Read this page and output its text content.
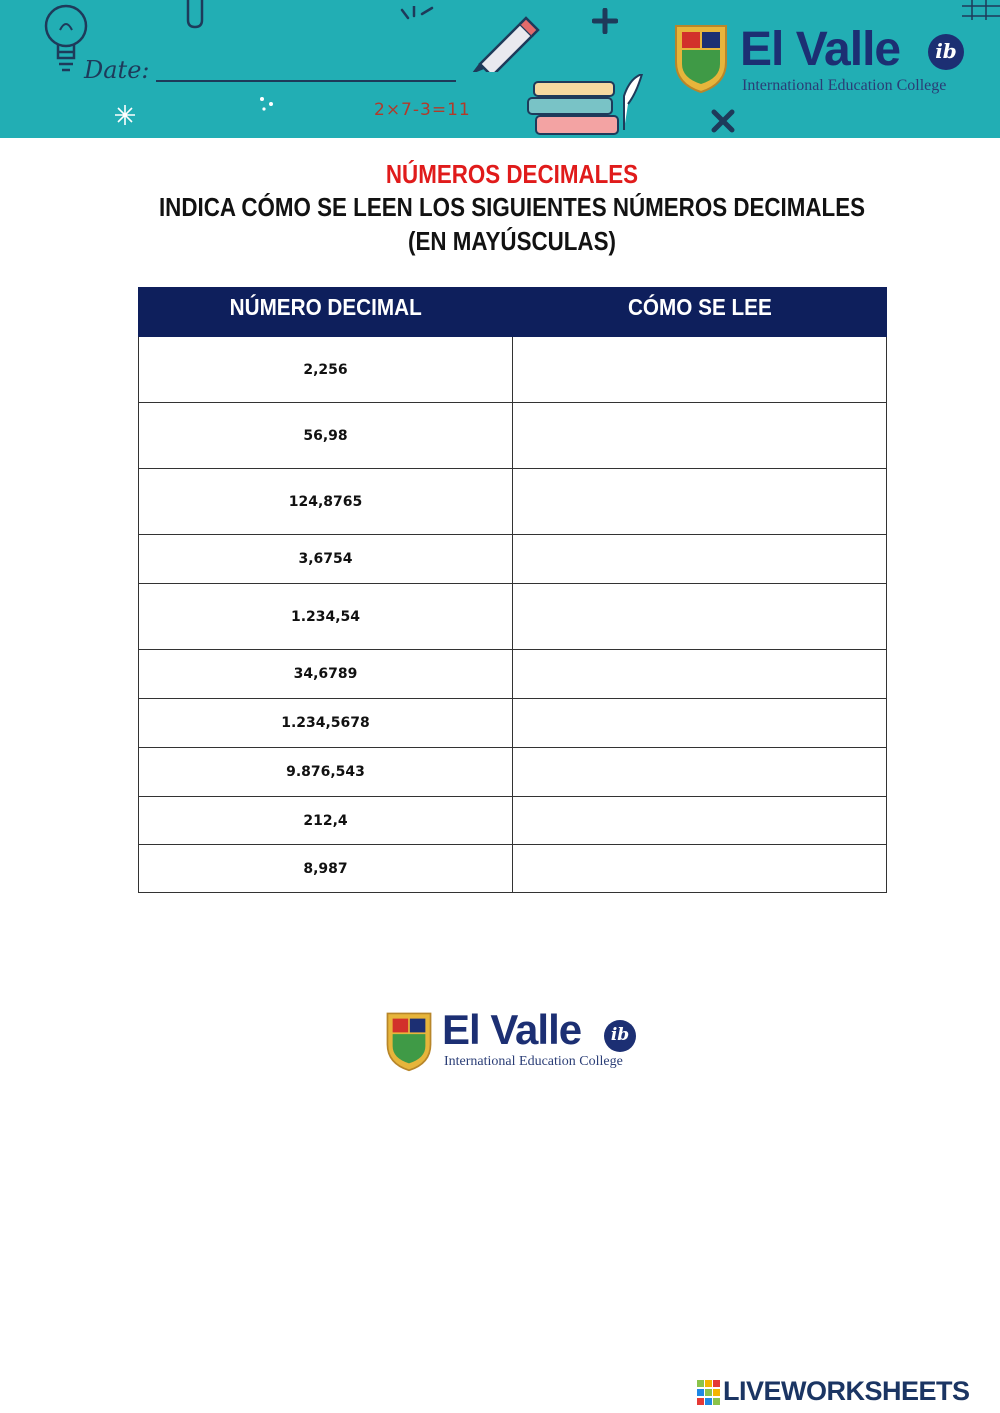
Date:
2×7-3=11
El Valle	ib
International Education College
NÚMEROS DECIMALES
INDICA CÓMO SE LEEN LOS SIGUIENTES NÚMEROS DECIMALES
(EN MAYÚSCULAS)
NÚMERO DECIMAL	CÓMO SE LEE
2,256	
56,98	
124,8765	
3,6754	
1.234,54	
34,6789	
1.234,5678	
9.876,543	
212,4	
8,987	
El Valle	ib
International Education College
LIVEWORKSHEETS
